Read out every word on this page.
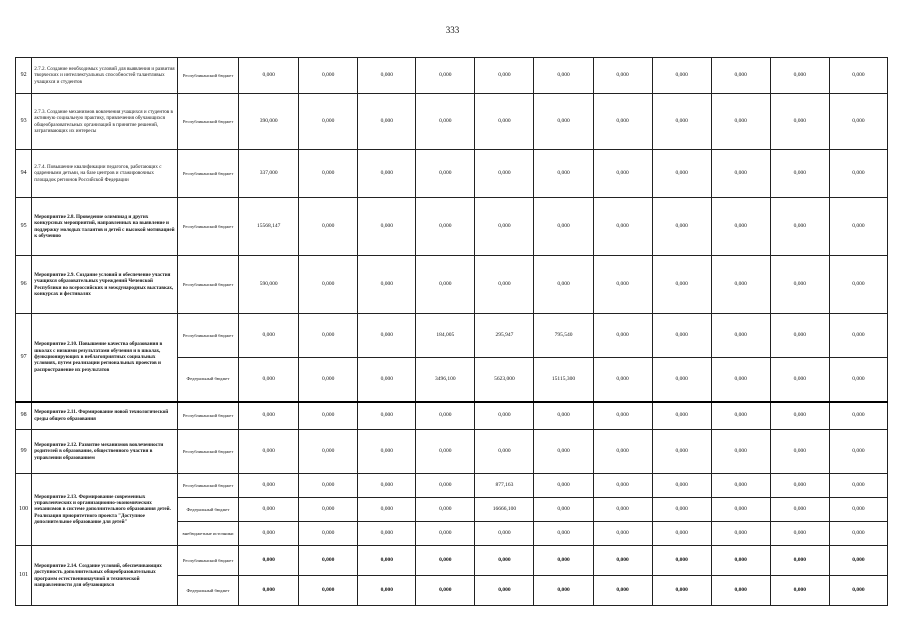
333
92	2.7.2. Создание необходимых условий для выявления и развития творческих и интеллектуальных способностей талантливых учащихся и студентов	Республиканский бюджет	0,000	0,000	0,000	0,000	0,000	0,000	0,000	0,000	0,000	0,000	0,000
93	2.7.3. Создание механизмов вовлечения учащихся и студентов в активную социальную практику, привлечения обучающихся общеобразовательных организаций в принятие решений, затрагивающих их интересы	Республиканский бюджет	390,000	0,000	0,000	0,000	0,000	0,000	0,000	0,000	0,000	0,000	0,000
94	2.7.4. Повышение квалификации педагогов, работающих с одаренными детьми, на базе центров и стажировочных площадок регионов Российской Федерации	Республиканский бюджет	337,000	0,000	0,000	0,000	0,000	0,000	0,000	0,000	0,000	0,000	0,000
95	Мероприятие 2.8. Проведение олимпиад и других конкурсных мероприятий, направленных на выявление и поддержку молодых талантов и детей с высокой мотивацией к обучению	Республиканский бюджет	15568,147	0,000	0,000	0,000	0,000	0,000	0,000	0,000	0,000	0,000	0,000
96	Мероприятие 2.9. Создание условий и обеспечение участия учащихся образовательных учреждений Чеченской Республики во всероссийских и международных выставках, конкурсах и фестивалях	Республиканский бюджет	590,000	0,000	0,000	0,000	0,000	0,000	0,000	0,000	0,000	0,000	0,000
97	Мероприятие 2.10. Повышение качества образования в школах с низкими результатами обучения и в школах, функционирующих в неблагоприятных социальных условиях, путем реализации региональных проектов и распространение их результатов	Республиканский бюджет	0,000	0,000	0,000	184,005	295,947	795,540	0,000	0,000	0,000	0,000	0,000
		Федеральный бюджет	0,000	0,000	0,000	3496,100	5623,000	15115,300	0,000	0,000	0,000	0,000	0,000
98	Мероприятие 2.11. Формирование новой технологической среды общего образования	Республиканский бюджет	0,000	0,000	0,000	0,000	0,000	0,000	0,000	0,000	0,000	0,000	0,000
99	Мероприятие 2.12. Развитие механизмов вовлеченности родителей в образование, общественного участия в управлении образованием	Республиканский бюджет	0,000	0,000	0,000	0,000	0,000	0,000	0,000	0,000	0,000	0,000	0,000
100	Мероприятие 2.13. Формирование современных управленческих и организационно-экономических механизмов в системе дополнительного образования детей. Реализация приоритетного проекта "Доступное дополнительное образование для детей"	Республиканский бюджет	0,000	0,000	0,000	0,000	877,163	0,000	0,000	0,000	0,000	0,000	0,000
		Федеральный бюджет	0,000	0,000	0,000	0,000	16666,100	0,000	0,000	0,000	0,000	0,000	0,000
		внебюджетные источники	0,000	0,000	0,000	0,000	0,000	0,000	0,000	0,000	0,000	0,000	0,000
101	Мероприятие 2.14. Создание условий, обеспечивающих доступность дополнительных общеобразовательных программ естественнонаучной и технической направленности для обучающихся	Республиканский бюджет	0,000	0,000	0,000	0,000	0,000	0,000	0,000	0,000	0,000	0,000	0,000
		Федеральный бюджет	0,000	0,000	0,000	0,000	0,000	0,000	0,000	0,000	0,000	0,000	0,000
